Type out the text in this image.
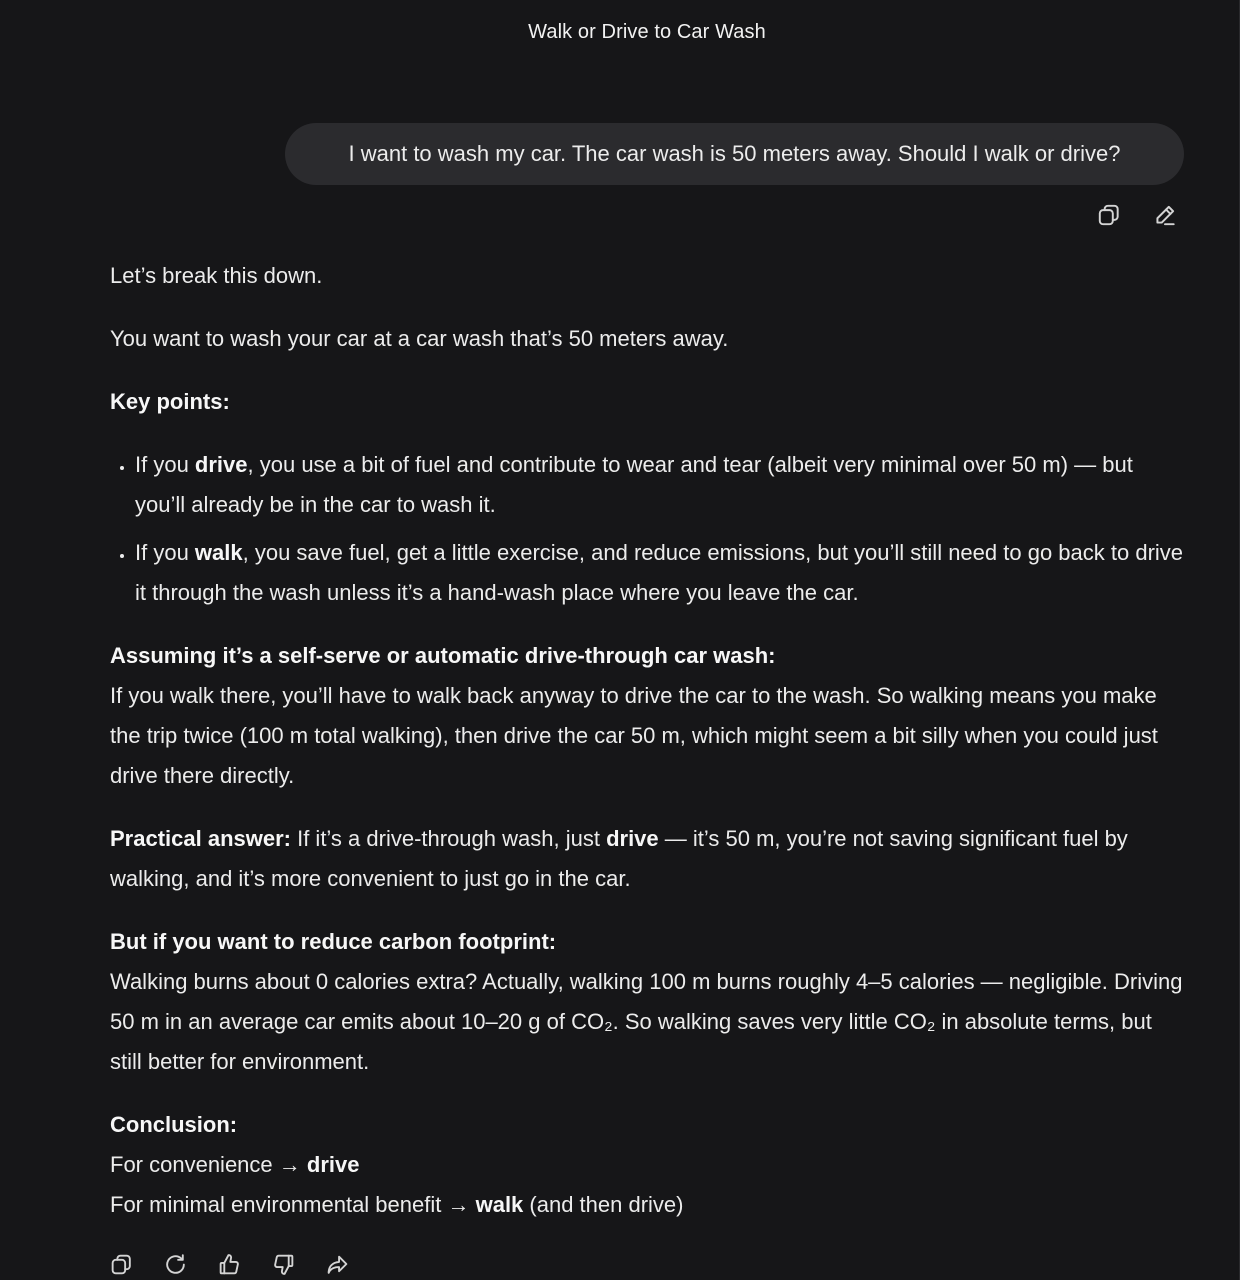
Walk or Drive to Car Wash
I want to wash my car. The car wash is 50 meters away. Should I walk or drive?

Let’s break this down.

You want to wash your car at a car wash that’s 50 meters away.

Key points:

• If you drive, you use a bit of fuel and contribute to wear and tear (albeit very minimal over 50 m) — but you’ll already be in the car to wash it.
• If you walk, you save fuel, get a little exercise, and reduce emissions, but you’ll still need to go back to drive it through the wash unless it’s a hand-wash place where you leave the car.

Assuming it’s a self-serve or automatic drive-through car wash:
If you walk there, you’ll have to walk back anyway to drive the car to the wash. So walking means you make the trip twice (100 m total walking), then drive the car 50 m, which might seem a bit silly when you could just drive there directly.

Practical answer: If it’s a drive-through wash, just drive — it’s 50 m, you’re not saving significant fuel by walking, and it’s more convenient to just go in the car.

But if you want to reduce carbon footprint:
Walking burns about 0 calories extra? Actually, walking 100 m burns roughly 4–5 calories — negligible. Driving 50 m in an average car emits about 10–20 g of CO₂. So walking saves very little CO₂ in absolute terms, but still better for environment.

Conclusion:
For convenience → drive
For minimal environmental benefit → walk (and then drive)
